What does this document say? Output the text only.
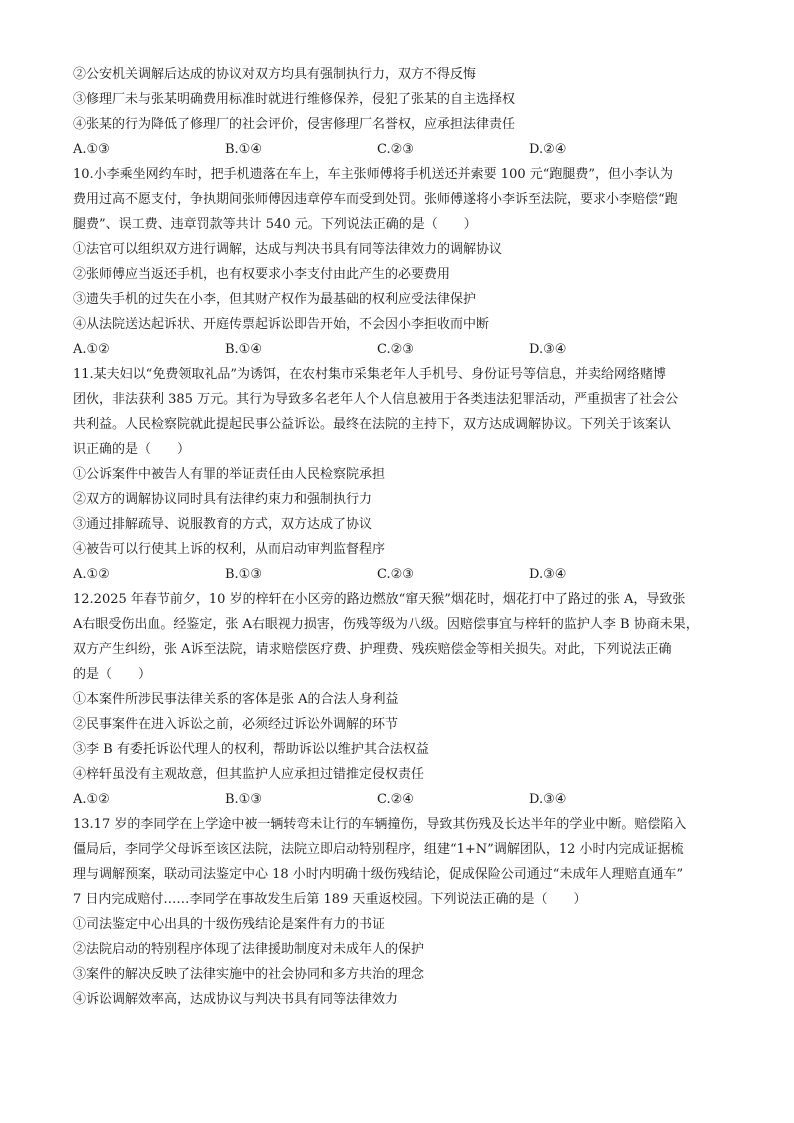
②公安机关调解后达成的协议对双方均具有强制执行力，双方不得反悔
③修理厂未与张某明确费用标准时就进行维修保养，侵犯了张某的自主选择权
④张某的行为降低了修理厂的社会评价，侵害修理厂名誉权，应承担法律责任
A.①③	B.①④	C.②③	D.②④
10.小李乘坐网约车时，把手机遗落在车上，车主张师傅将手机送还并索要 100 元“跑腿费”，但小李认为
费用过高不愿支付，争执期间张师傅因违章停车而受到处罚。张师傅遂将小李诉至法院，要求小李赔偿“跑
腿费”、误工费、违章罚款等共计 540 元。下列说法正确的是（　　）
①法官可以组织双方进行调解，达成与判决书具有同等法律效力的调解协议
②张师傅应当返还手机，也有权要求小李支付由此产生的必要费用
③遗失手机的过失在小李，但其财产权作为最基础的权利应受法律保护
④从法院送达起诉状、开庭传票起诉讼即告开始，不会因小李拒收而中断
A.①②	B.①④	C.②③	D.③④
11.某夫妇以“免费领取礼品”为诱饵，在农村集市采集老年人手机号、身份证号等信息，并卖给网络赌博
团伙，非法获利 385 万元。其行为导致多名老年人个人信息被用于各类违法犯罪活动，严重损害了社会公
共利益。人民检察院就此提起民事公益诉讼。最终在法院的主持下，双方达成调解协议。下列关于该案认
识正确的是（　　）
①公诉案件中被告人有罪的举证责任由人民检察院承担
②双方的调解协议同时具有法律约束力和强制执行力
③通过排解疏导、说服教育的方式，双方达成了协议
④被告可以行使其上诉的权利，从而启动审判监督程序
A.①②	B.①③	C.②③	D.③④
12.2025 年春节前夕，10 岁的梓轩在小区旁的路边燃放“窜天猴”烟花时，烟花打中了路过的张 A，导致张
A右眼受伤出血。经鉴定，张 A右眼视力损害，伤残等级为八级。因赔偿事宜与梓轩的监护人李 B 协商未果，
双方产生纠纷，张 A诉至法院，请求赔偿医疗费、护理费、残疾赔偿金等相关损失。对此，下列说法正确
的是（　　）
①本案件所涉民事法律关系的客体是张 A的合法人身利益
②民事案件在进入诉讼之前，必须经过诉讼外调解的环节
③李 B 有委托诉讼代理人的权利，帮助诉讼以维护其合法权益
④梓轩虽没有主观故意，但其监护人应承担过错推定侵权责任
A.①②	B.①③	C.②④	D.③④
13.17 岁的李同学在上学途中被一辆转弯未让行的车辆撞伤，导致其伤残及长达半年的学业中断。赔偿陷入
僵局后，李同学父母诉至该区法院，法院立即启动特别程序，组建“1+N”调解团队，12 小时内完成证据梳
理与调解预案，联动司法鉴定中心 18 小时内明确十级伤残结论，促成保险公司通过“未成年人理赔直通车”
7 日内完成赔付……李同学在事故发生后第 189 天重返校园。下列说法正确的是（　　）
①司法鉴定中心出具的十级伤残结论是案件有力的书证
②法院启动的特别程序体现了法律援助制度对未成年人的保护
③案件的解决反映了法律实施中的社会协同和多方共治的理念
④诉讼调解效率高，达成协议与判决书具有同等法律效力
